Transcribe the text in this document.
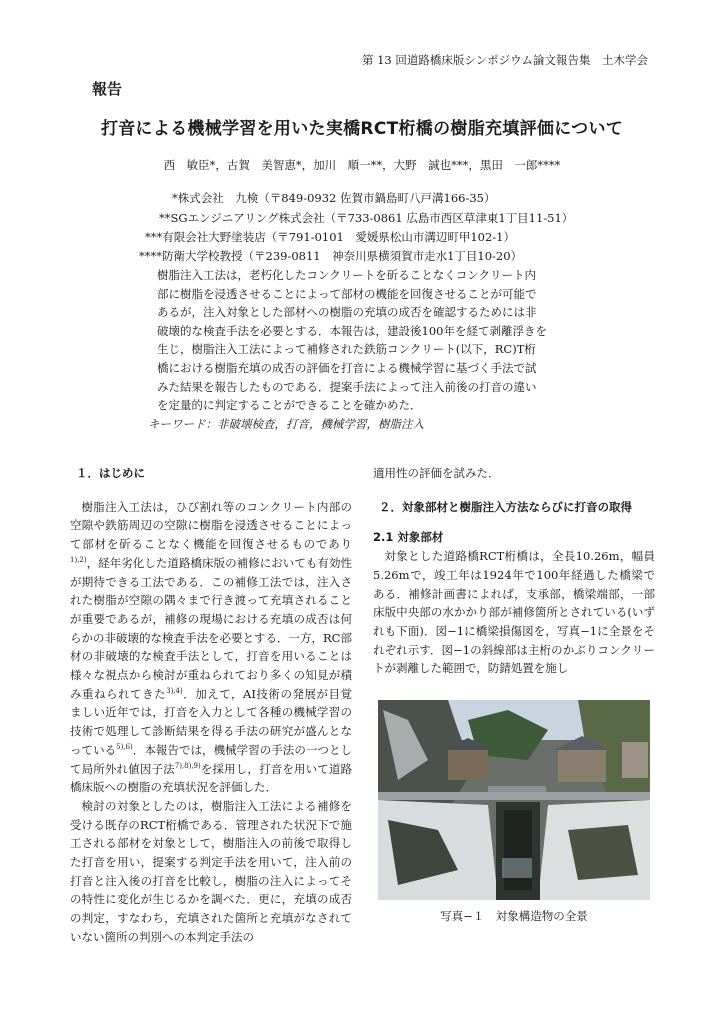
第 13 回道路橋床版シンポジウム論文報告集　土木学会
報告
打音による機械学習を用いた実橋RCT桁橋の樹脂充填評価について
西　敏臣*，古賀　美智恵*，加川　順一**，大野　誠也***，黒田　一郎****
*株式会社　九検（〒849-0932 佐賀市鍋島町八戸溝166-35）
**SGエンジニアリング株式会社（〒733-0861 広島市西区草津東1丁目11-51）
***有限会社大野塗装店（〒791-0101　愛媛県松山市溝辺町甲102-1）
****防衛大学校教授（〒239-0811　神奈川県横須賀市走水1丁目10-20）
樹脂注入工法は，老朽化したコンクリートを斫ることなくコンクリート内
部に樹脂を浸透させることによって部材の機能を回復させることが可能で
あるが，注入対象とした部材への樹脂の充填の成否を確認するためには非
破壊的な検査手法を必要とする．本報告は，建設後100年を経て剥離浮きを
生じ，樹脂注入工法によって補修された鉄筋コンクリート(以下，RC)T桁
橋における樹脂充填の成否の評価を打音による機械学習に基づく手法で試
みた結果を報告したものである．提案手法によって注入前後の打音の違い
を定量的に判定することができることを確かめた．
キーワード：非破壊検査，打音，機械学習，樹脂注入
１．はじめに

樹脂注入工法は，ひび割れ等のコンクリート内部の空隙や鉄筋周辺の空隙に樹脂を浸透させることによって部材を斫ることなく機能を回復させるものであり$^{1),2)}$，経年劣化した道路橋床版の補修においても有効性が期待できる工法である．この補修工法では，注入された樹脂が空隙の隅々まで行き渡って充填されることが重要であるが，補修の現場における充填の成否は何らかの非破壊的な検査手法を必要とする．一方，RC部材の非破壊的な検査手法として，打音を用いることは様々な視点から検討が重ねられており多くの知見が積み重ねられてきた$^{3),4)}$．加えて，AI技術の発展が目覚ましい近年では，打音を入力として各種の機械学習の技術で処理して診断結果を得る手法の研究が盛んとなっている$^{5),6)}$．本報告では，機械学習の手法の一つとして局所外れ値因子法$^{7),8),9)}$を採用し，打音を用いて道路橋床版への樹脂の充填状況を評価した．

検討の対象としたのは，樹脂注入工法による補修を受ける既存のRCT桁橋である．管理された状況下で施工される部材を対象として，樹脂注入の前後で取得した打音を用い，提案する判定手法を用いて，注入前の打音と注入後の打音を比較し，樹脂の注入によってその特性に変化が生じるかを調べた．更に，充填の成否の判定，すなわち，充填された箇所と充填がなされていない箇所の判別への本判定手法の

適用性の評価を試みた．
２．対象部材と樹脂注入方法ならびに打音の取得
2.1 対象部材

対象とした道路橋RCT桁橋は，全長10.26m，幅員5.26mで，竣工年は1924年で100年経過した橋梁である．補修計画書によれば，支承部，橋梁端部，一部床版中央部の水かかり部が補修箇所とされている(いずれも下面)．図−1に橋梁損傷図を，写真−1に全景をそれぞれ示す．図−1の斜線部は主桁のかぶりコンクリートが剥離した範囲で，防錆処置を施し

写真−１　対象構造物の全景
